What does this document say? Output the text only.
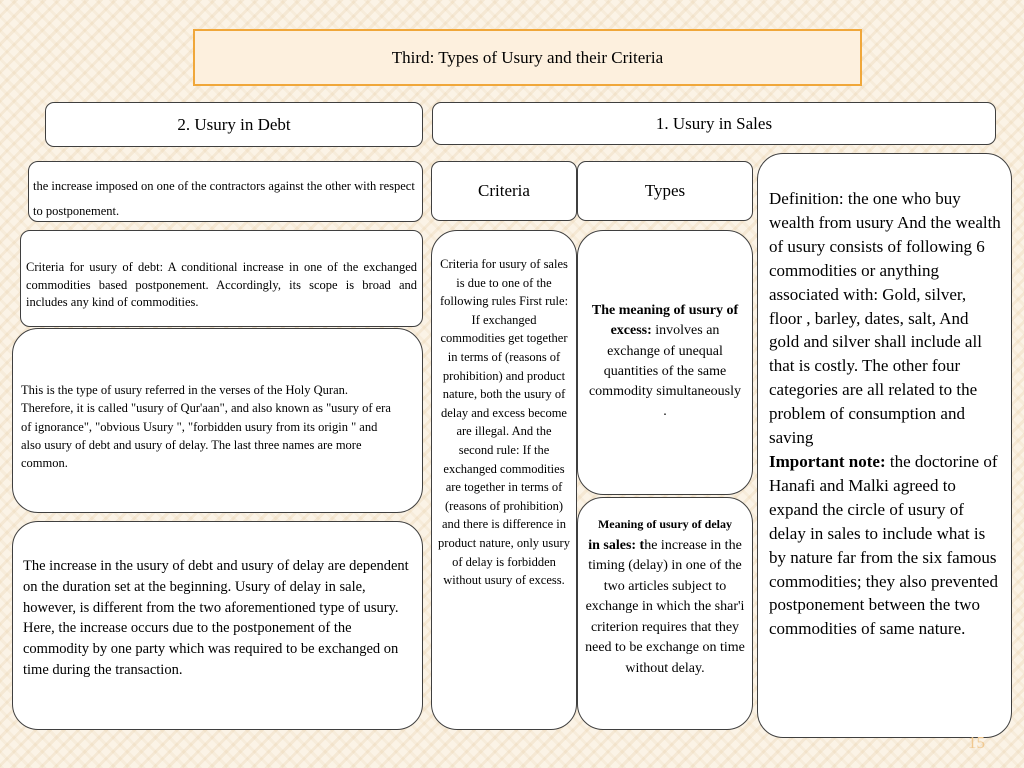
Third: Types of Usury and their Criteria
2. Usury in Debt	1. Usury in Sales

the increase imposed on one of the contractors against the other with respect to postponement.

Criteria for usury of debt: A conditional increase in one of the exchanged commodities based postponement. Accordingly, its scope is broad and includes any kind of commodities.

This is the type of usury referred in the verses of the Holy Quran. Therefore, it is called "usury of Qur'aan", and also known as "usury of era of ignorance", "obvious Usury ", "forbidden usury from its origin " and also usury of debt and usury of delay. The last three names are more common.

The increase in the usury of debt and usury of delay are dependent on the duration set at the beginning. Usury of delay in sale, however, is different from the two aforementioned type of usury. Here, the increase occurs due to the postponement of the commodity by one party which was required to be exchanged on time during the transaction.

Criteria	Types

Criteria for usury of sales is due to one of the following rules First rule: If exchanged commodities get together in terms of (reasons of prohibition) and product nature, both the usury of delay and excess become are illegal. And the second rule: If the exchanged commodities are together in terms of (reasons of prohibition) and there is difference in product nature, only usury of delay is forbidden without usury of excess.

The meaning of usury of excess: involves an exchange of unequal quantities of the same commodity simultaneously
.

Meaning of usury of delay
in sales: the increase in the timing (delay) in one of the two articles subject to exchange in which the shar'i criterion requires that they need to be exchange on time without delay.

Definition: the one who buy wealth from usury And the wealth of usury consists of following 6 commodities or anything associated with: Gold, silver, floor , barley, dates, salt, And gold and silver shall include all that is costly. The other four categories are all related to the problem of consumption and saving

Important note: the doctorine of Hanafi and Malki agreed to expand the circle of usury of delay in sales to include what is by nature far from the six famous commodities; they also prevented postponement between the two commodities of same nature.

15
